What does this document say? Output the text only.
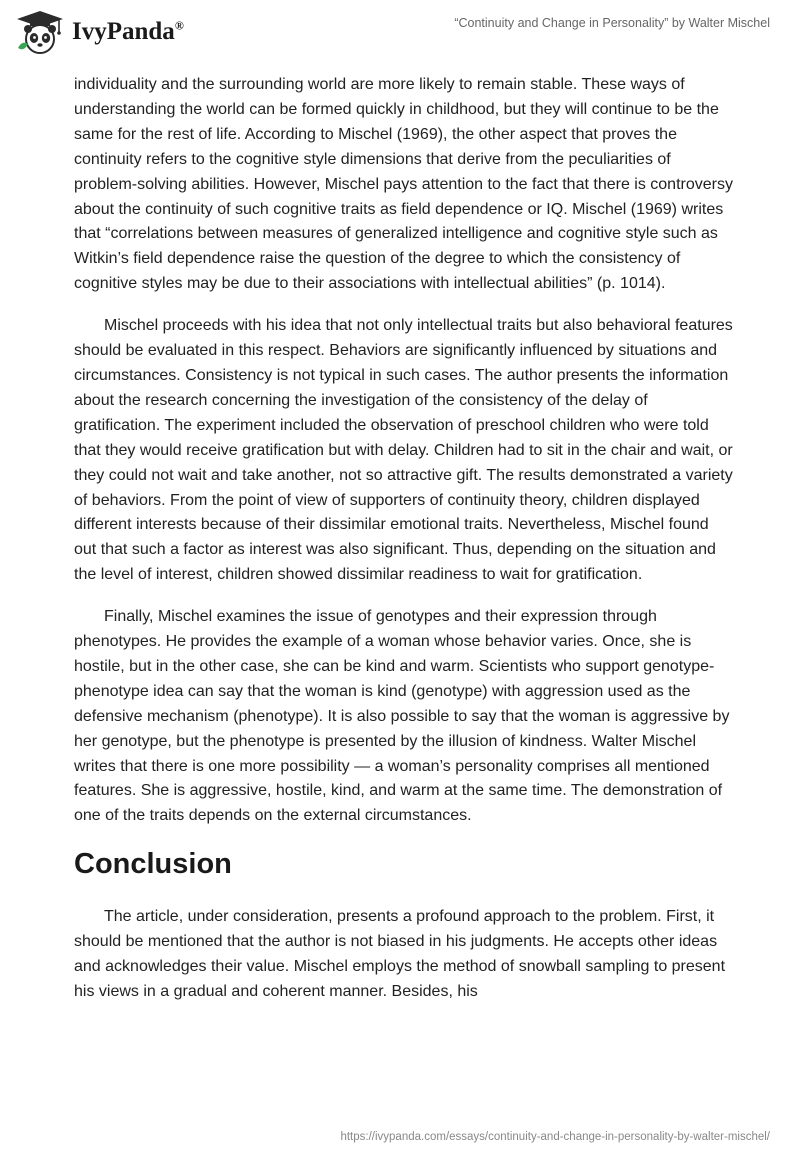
IvyPanda®	“Continuity and Change in Personality” by Walter Mischel

individuality and the surrounding world are more likely to remain stable. These ways of understanding the world can be formed quickly in childhood, but they will continue to be the same for the rest of life. According to Mischel (1969), the other aspect that proves the continuity refers to the cognitive style dimensions that derive from the peculiarities of problem-solving abilities. However, Mischel pays attention to the fact that there is controversy about the continuity of such cognitive traits as field dependence or IQ. Mischel (1969) writes that “correlations between measures of generalized intelligence and cognitive style such as Witkin’s field dependence raise the question of the degree to which the consistency of cognitive styles may be due to their associations with intellectual abilities” (p. 1014).

Mischel proceeds with his idea that not only intellectual traits but also behavioral features should be evaluated in this respect. Behaviors are significantly influenced by situations and circumstances. Consistency is not typical in such cases. The author presents the information about the research concerning the investigation of the consistency of the delay of gratification. The experiment included the observation of preschool children who were told that they would receive gratification but with delay. Children had to sit in the chair and wait, or they could not wait and take another, not so attractive gift. The results demonstrated a variety of behaviors. From the point of view of supporters of continuity theory, children displayed different interests because of their dissimilar emotional traits. Nevertheless, Mischel found out that such a factor as interest was also significant. Thus, depending on the situation and the level of interest, children showed dissimilar readiness to wait for gratification.

Finally, Mischel examines the issue of genotypes and their expression through phenotypes. He provides the example of a woman whose behavior varies. Once, she is hostile, but in the other case, she can be kind and warm. Scientists who support genotype-phenotype idea can say that the woman is kind (genotype) with aggression used as the defensive mechanism (phenotype). It is also possible to say that the woman is aggressive by her genotype, but the phenotype is presented by the illusion of kindness. Walter Mischel writes that there is one more possibility — a woman’s personality comprises all mentioned features. She is aggressive, hostile, kind, and warm at the same time. The demonstration of one of the traits depends on the external circumstances.

Conclusion

The article, under consideration, presents a profound approach to the problem. First, it should be mentioned that the author is not biased in his judgments. He accepts other ideas and acknowledges their value. Mischel employs the method of snowball sampling to present his views in a gradual and coherent manner. Besides, his

https://ivypanda.com/essays/continuity-and-change-in-personality-by-walter-mischel/
